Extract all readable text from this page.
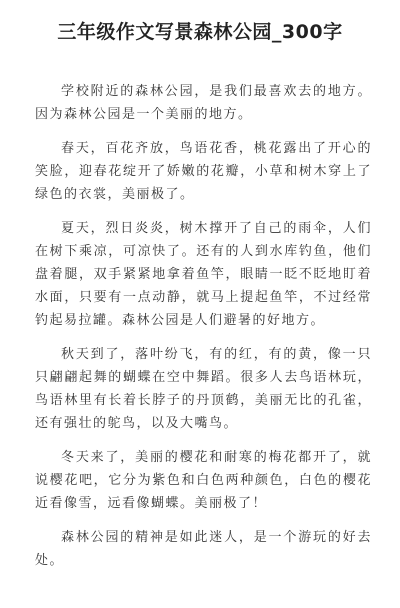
三年级作文写景森林公园_300字

学校附近的森林公园，是我们最喜欢去的地方。因为森林公园是一个美丽的地方。

春天，百花齐放，鸟语花香，桃花露出了开心的笑脸，迎春花绽开了娇嫩的花瓣，小草和树木穿上了绿色的衣裳，美丽极了。

夏天，烈日炎炎，树木撑开了自己的雨伞，人们在树下乘凉，可凉快了。还有的人到水库钓鱼，他们盘着腿，双手紧紧地拿着鱼竿，眼睛一眨不眨地盯着水面，只要有一点动静，就马上提起鱼竿，不过经常钓起易拉罐。森林公园是人们避暑的好地方。

秋天到了，落叶纷飞，有的红，有的黄，像一只只翩翩起舞的蝴蝶在空中舞蹈。很多人去鸟语林玩，鸟语林里有长着长脖子的丹顶鹤，美丽无比的孔雀，还有强壮的鸵鸟，以及大嘴鸟。

冬天来了，美丽的樱花和耐寒的梅花都开了，就说樱花吧，它分为紫色和白色两种颜色，白色的樱花近看像雪，远看像蝴蝶。美丽极了！

森林公园的精神是如此迷人，是一个游玩的好去处。
